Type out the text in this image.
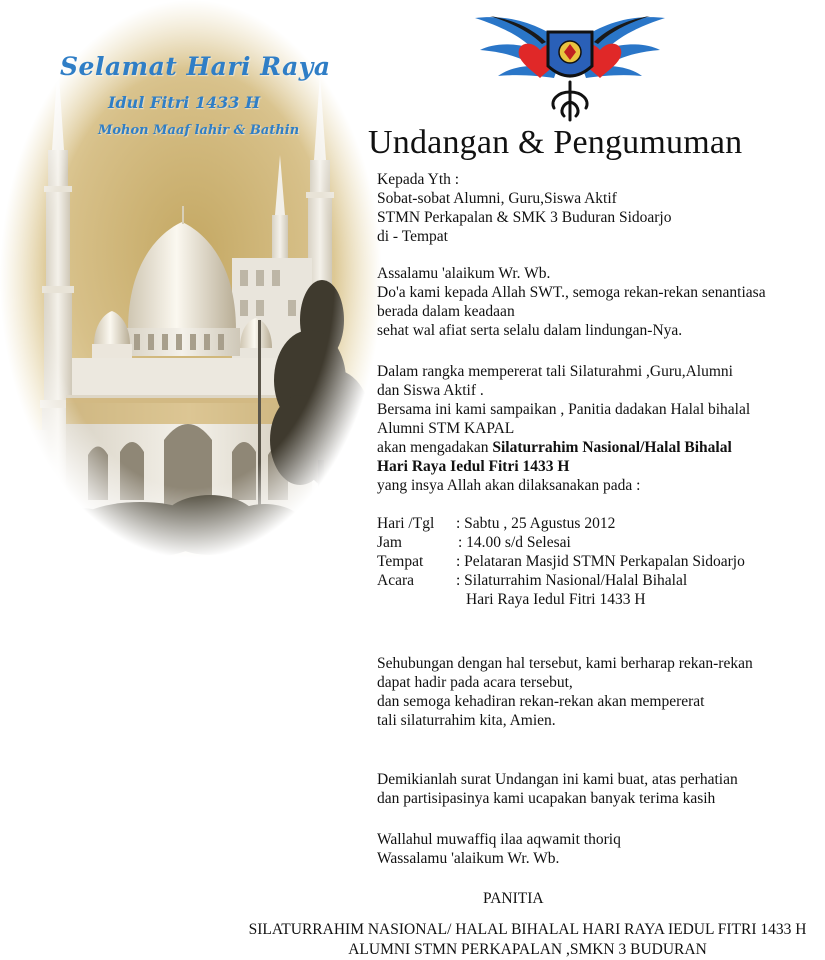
Selamat Hari Raya
Idul Fitri 1433 H
Mohon Maaf lahir & Bathin Undangan & Pengumuman
Kepada Yth :
Sobat-sobat Alumni, Guru,Siswa Aktif
STMN Perkapalan & SMK 3 Buduran Sidoarjo
di - Tempat
Assalamu 'alaikum Wr. Wb.
Do'a kami kepada Allah SWT., semoga rekan-rekan senantiasa
berada dalam keadaan
sehat wal afiat serta selalu dalam lindungan-Nya.
Dalam rangka mempererat tali Silaturahmi ,Guru,Alumni
dan Siswa Aktif .
Bersama ini kami sampaikan , Panitia dadakan Halal bihalal
Alumni STM KAPAL
akan mengadakan Silaturrahim Nasional/Halal Bihalal
Hari Raya Iedul Fitri 1433 H
yang insya Allah akan dilaksanakan pada :
Hari /Tgl : Sabtu , 25 Agustus 2012
Jam	: 14.00 s/d Selesai
Tempat : Pelataran Masjid STMN Perkapalan Sidoarjo
Acara	: Silaturrahim Nasional/Halal Bihalal
Hari Raya Iedul Fitri 1433 H
Sehubungan dengan hal tersebut, kami berharap rekan-rekan
dapat hadir pada acara tersebut,
dan semoga kehadiran rekan-rekan akan mempererat
tali silaturrahim kita, Amien.
Demikianlah surat Undangan ini kami buat, atas perhatian
dan partisipasinya kami ucapakan banyak terima kasih
Wallahul muwaffiq ilaa aqwamit thoriq
Wassalamu 'alaikum Wr. Wb.
PANITIA
SILATURRAHIM NASIONAL/ HALAL BIHALAL HARI RAYA IEDUL FITRI 1433 H
ALUMNI STMN PERKAPALAN ,SMKN 3 BUDURAN
